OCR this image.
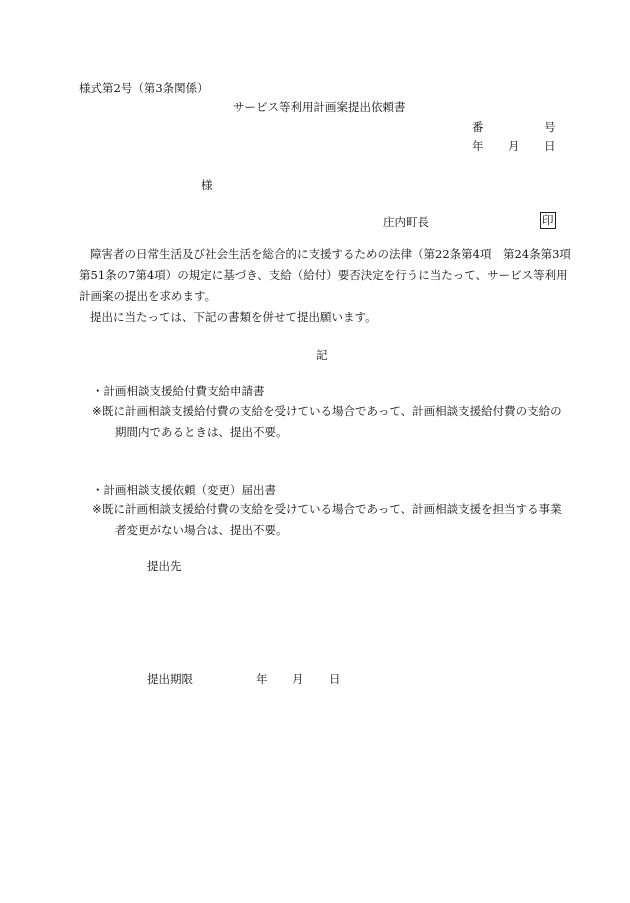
様式第2号（第3条関係）
サービス等利用計画案提出依頼書
番	号
年 月 日
様
庄内町長	印
障害者の日常生活及び社会生活を総合的に支援するための法律（第22条第4項　第24条第3項　第51条の7第4項）の規定に基づき、支給（給付）要否決定を行うに当たって、サービス等利用計画案の提出を求めます。
提出に当たっては、下記の書類を併せて提出願います。
記
・計画相談支援給付費支給申請書
※ 既に計画相談支援給付費の支給を受けている場合であって、計画相談支援給付費の支給の期間内であるときは、提出不要。
・計画相談支援依頼（変更）届出書
※ 既に計画相談支援給付費の支給を受けている場合であって、計画相談支援を担当する事業者変更がない場合は、提出不要。
提出先
提出期限	年 月 日
